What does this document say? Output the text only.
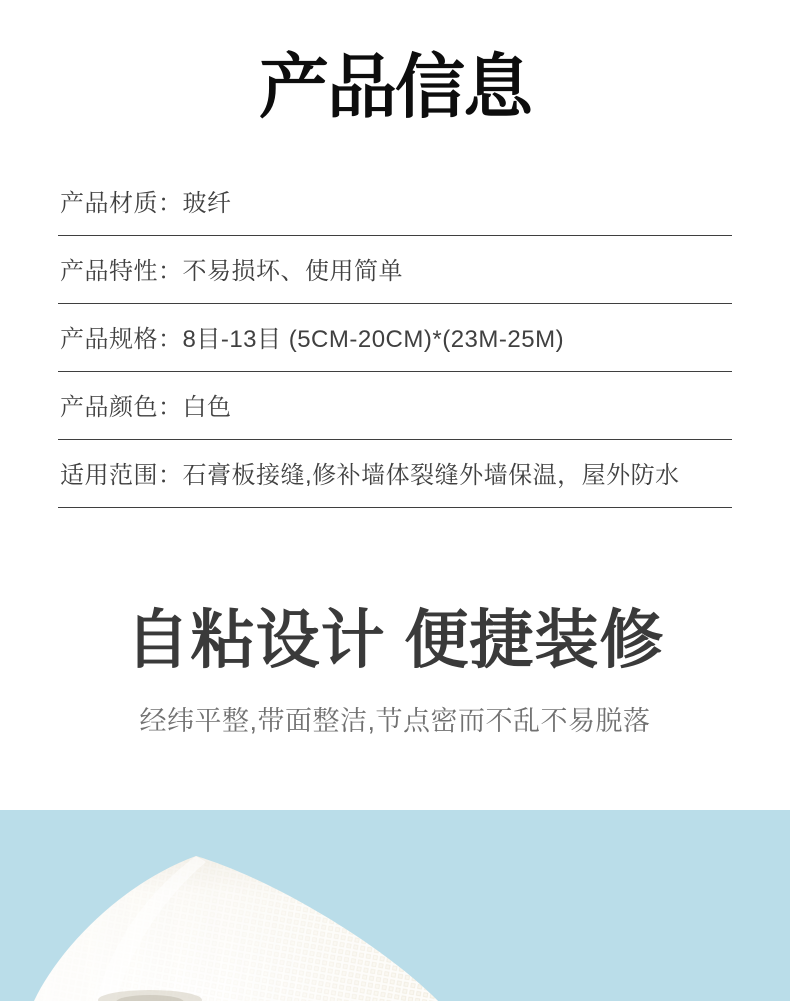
产品信息
产品材质： 玻纤
产品特性： 不易损坏、使用简单
产品规格： 8目-13目 (5CM-20CM)*(23M-25M)
产品颜色： 白色
适用范围： 石膏板接缝,修补墙体裂缝外墙保温，屋外防水
自粘设计 便捷装修
经纬平整,带面整洁,节点密而不乱不易脱落
